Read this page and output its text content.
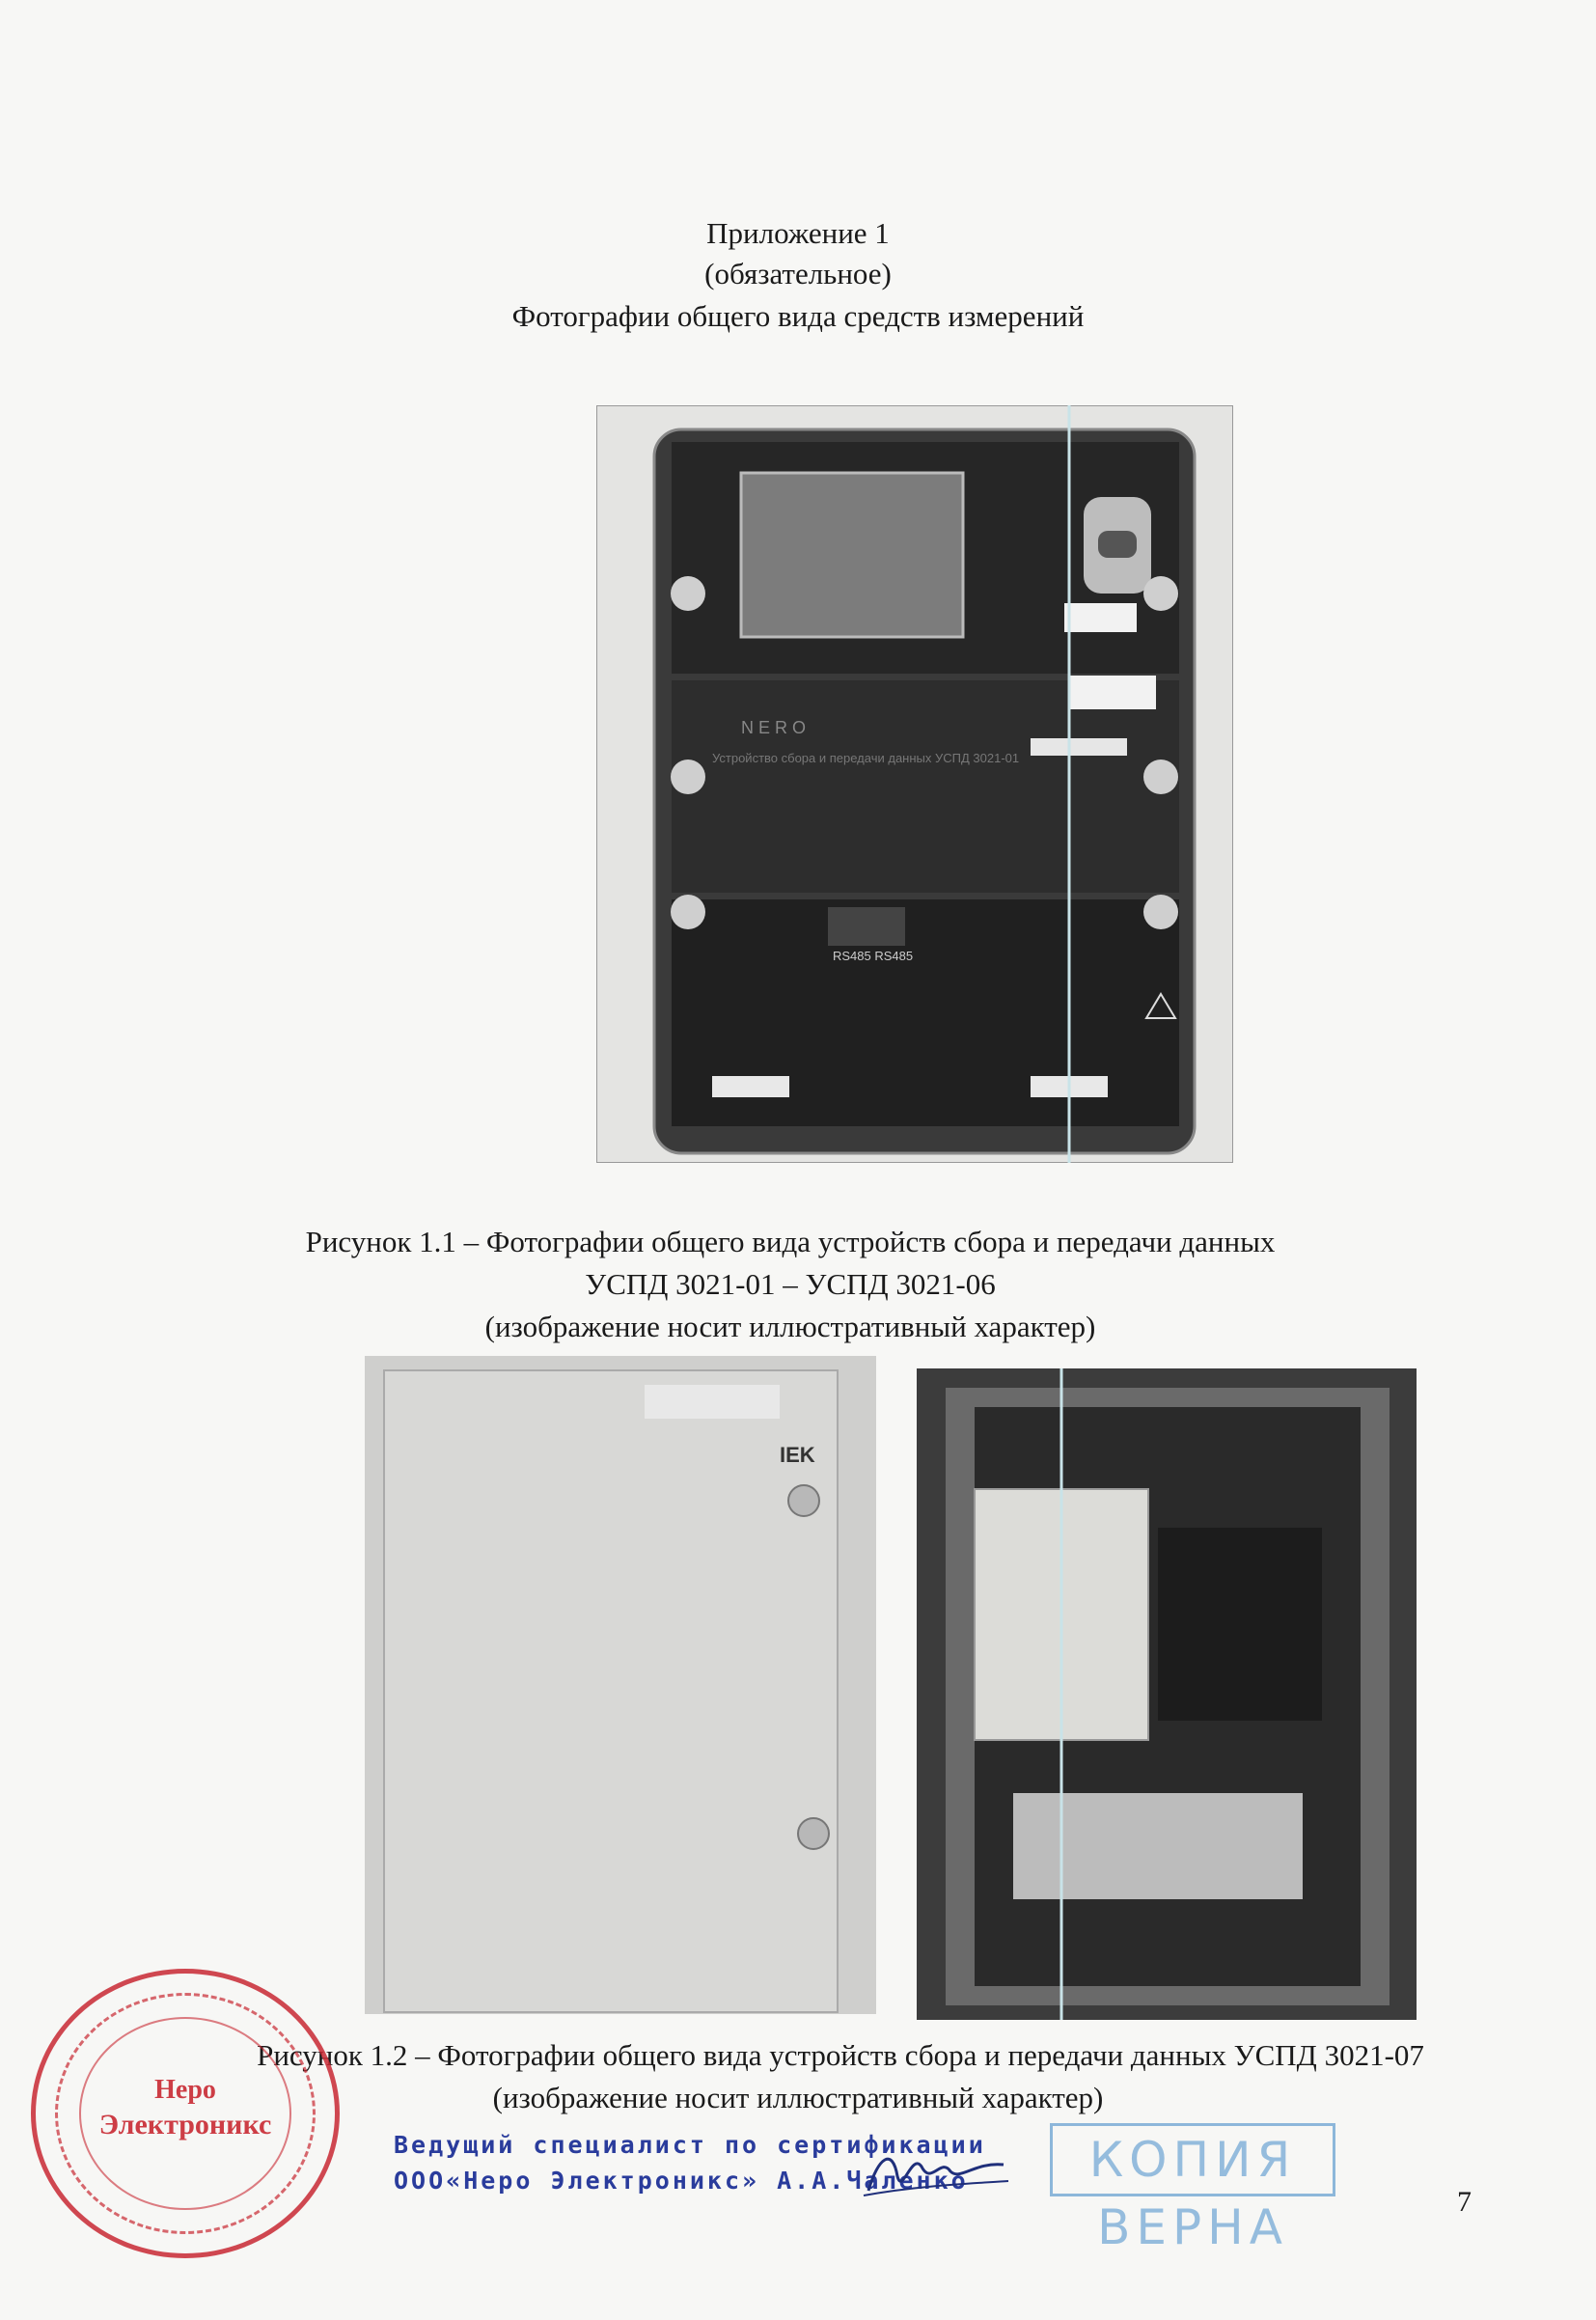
Приложение 1
(обязательное)
Фотографии общего вида средств измерений
NERO
Устройство сбора и передачи данных УСПД 3021-01
RS485 RS485
Рисунок 1.1 – Фотографии общего вида устройств сбора и передачи данных
УСПД 3021-01 – УСПД 3021-06
(изображение носит иллюстративный характер)
IEK
Рисунок 1.2 – Фотографии общего вида устройств сбора и передачи данных УСПД 3021-07
(изображение носит иллюстративный характер)
Неро
Электроникс
Ведущий специалист по сертификации
ООО«Неро Электроникс» А.А.Чаленко	КОПИЯ ВЕРНА	7
